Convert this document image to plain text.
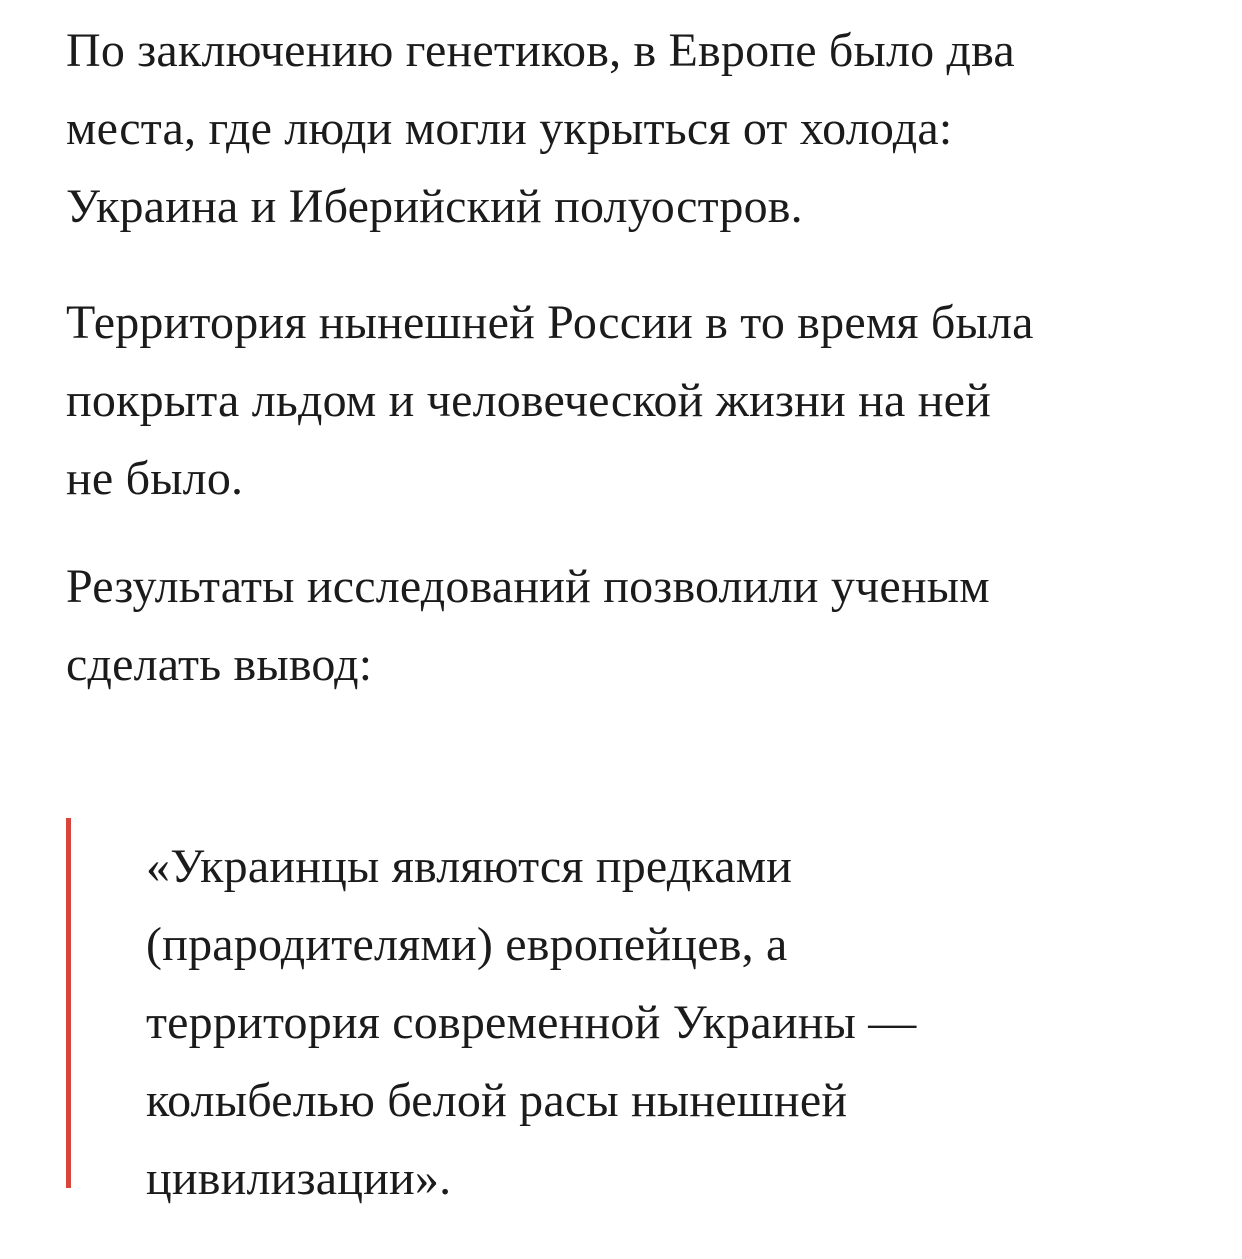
По заключению генетиков, в Европе было два
места, где люди могли укрыться от холода:
Украина и Иберийский полуостров.

Территория нынешней России в то время была
покрыта льдом и человеческой жизни на ней
не было.

Результаты исследований позволили ученым
сделать вывод:

«Украинцы являются предками
(прародителями) европейцев, а
территория современной Украины —
колыбелью белой расы нынешней
цивилизации».
